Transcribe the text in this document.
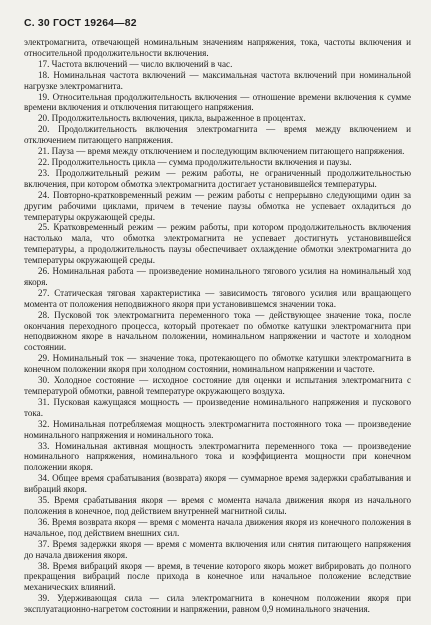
С. 30 ГОСТ 19264—82

электромагнита, отвечающей номинальным значениям напряжения, тока, частоты включения и относительной продолжительности включения.

17. Частота включений — число включений в час.

18. Номинальная частота включений — максимальная частота включений при номинальной нагрузке электромагнита.

19. Относительная продолжительность включения — отношение времени включения к сумме времени включения и отключения питающего напряжения.

20. Продолжительность включения, цикла, выраженное в процентах.

20. Продолжительность включения электромагнита — время между включением и отключением питающего напряжения.

21. Пауза — время между отключением и последующим включением питающего напряжения.

22. Продолжительность цикла — сумма продолжительности включения и паузы.

23. Продолжительный режим — режим работы, не ограниченный продолжительностью включения, при котором обмотка электромагнита достигает установившейся температуры.

24. Повторно-кратковременный режим — режим работы с непрерывно следующими один за другим рабочими циклами, причем в течение паузы обмотка не успевает охладиться до температуры окружающей среды.

25. Кратковременный режим — режим работы, при котором продолжительность включения настолько мала, что обмотка электромагнита не успевает достигнуть установившейся температуры, а продолжительность паузы обеспечивает охлаждение обмотки электромагнита до температуры окружающей среды.

26. Номинальная работа — произведение номинального тягового усилия на номинальный ход якоря.

27. Статическая тяговая характеристика — зависимость тягового усилия или вращающего момента от положения неподвижного якоря при установившемся значении тока.

28. Пусковой ток электромагнита переменного тока — действующее значение тока, после окончания переходного процесса, который протекает по обмотке катушки электромагнита при неподвижном якоре в начальном положении, номинальном напряжении и частоте и холодном состоянии.

29. Номинальный ток — значение тока, протекающего по обмотке катушки электромагнита в конечном положении якоря при холодном состоянии, номинальном напряжении и частоте.

30. Холодное состояние — исходное состояние для оценки и испытания электромагнита с температурой обмотки, равной температуре окружающего воздуха.

31. Пусковая кажущаяся мощность — произведение номинального напряжения и пускового тока.

32. Номинальная потребляемая мощность электромагнита постоянного тока — произведение номинального напряжения и номинального тока.

33. Номинальная активная мощность электромагнита переменного тока — произведение номинального напряжения, номинального тока и коэффициента мощности при конечном положении якоря.

34. Общее время срабатывания (возврата) якоря — суммарное время задержки срабатывания и вибраций якоря.

35. Время срабатывания якоря — время с момента начала движения якоря из начального положения в конечное, под действием внутренней магнитной силы.

36. Время возврата якоря — время с момента начала движения якоря из конечного положения в начальное, под действием внешних сил.

37. Время задержки якоря — время с момента включения или снятия питающего напряжения до начала движения якоря.

38. Время вибраций якоря — время, в течение которого якорь может вибрировать до полного прекращения вибраций после прихода в конечное или начальное положение вследствие механических влияний.

39. Удерживающая сила — сила электромагнита в конечном положении якоря при эксплуатационно-нагретом состоянии и напряжении, равном 0,9 номинального значения.
